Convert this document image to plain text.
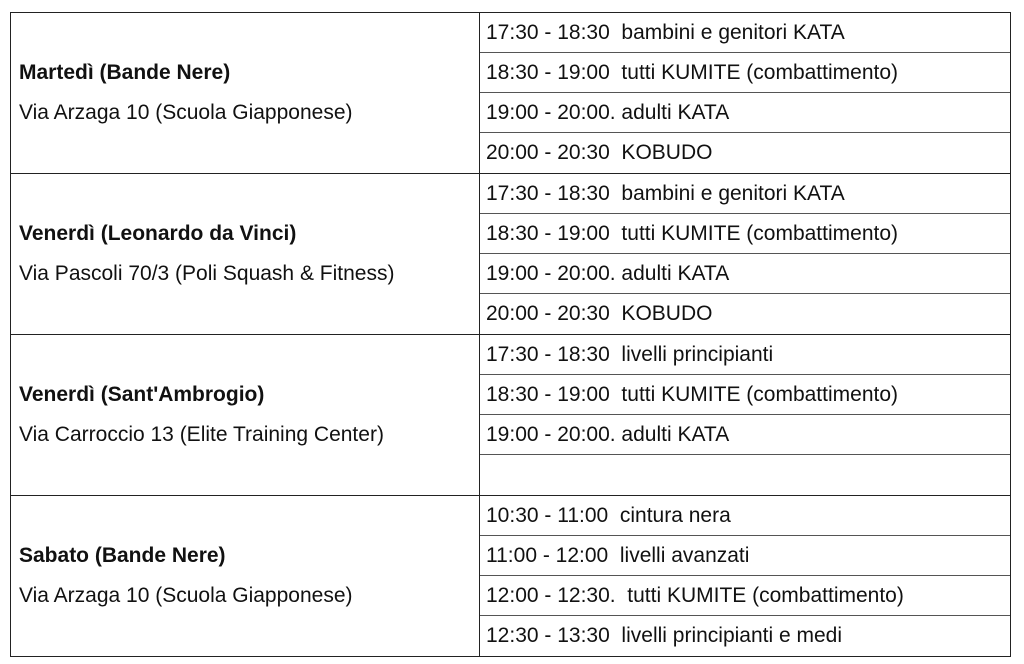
Martedì (Bande Nere)
Via Arzaga 10 (Scuola Giapponese)
17:30 - 18:30  bambini e genitori KATA
18:30 - 19:00  tutti KUMITE (combattimento)
19:00 - 20:00. adulti KATA
20:00 - 20:30  KOBUDO
Venerdì (Leonardo da Vinci)
Via Pascoli 70/3 (Poli Squash & Fitness)
17:30 - 18:30  bambini e genitori KATA
18:30 - 19:00  tutti KUMITE (combattimento)
19:00 - 20:00. adulti KATA
20:00 - 20:30  KOBUDO
Venerdì (Sant'Ambrogio)
Via Carroccio 13 (Elite Training Center)
17:30 - 18:30  livelli principianti
18:30 - 19:00  tutti KUMITE (combattimento)
19:00 - 20:00. adulti KATA
Sabato (Bande Nere)
Via Arzaga 10 (Scuola Giapponese)
10:30 - 11:00  cintura nera
11:00 - 12:00  livelli avanzati
12:00 - 12:30.  tutti KUMITE (combattimento)
12:30 - 13:30  livelli principianti e medi
